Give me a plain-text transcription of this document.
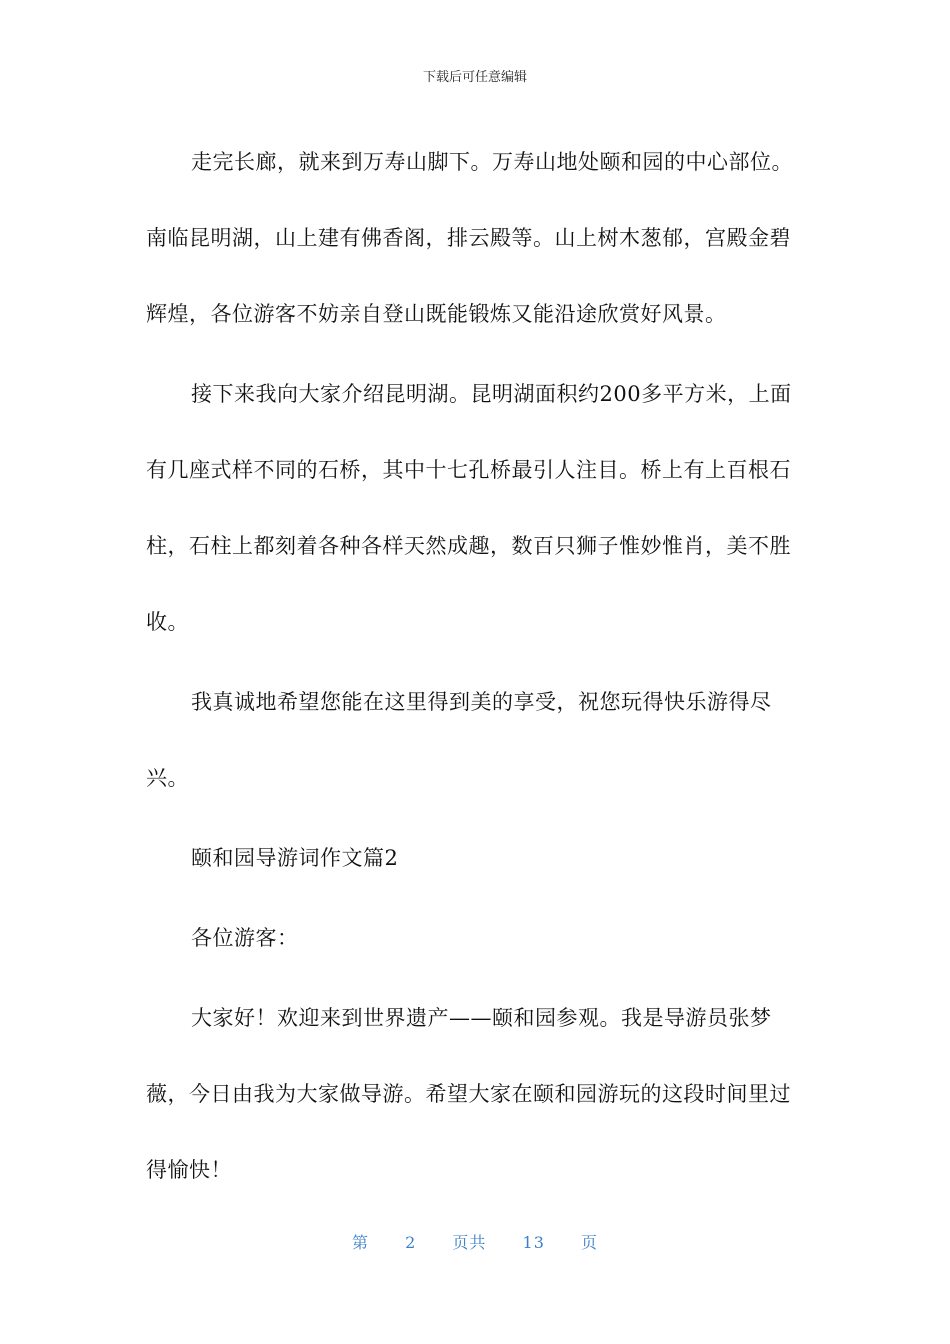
下载后可任意编辑

走完长廊，就来到万寿山脚下。万寿山地处颐和园的中心部位。南临昆明湖，山上建有佛香阁，排云殿等。山上树木葱郁，宫殿金碧辉煌，各位游客不妨亲自登山既能锻炼又能沿途欣赏好风景。

接下来我向大家介绍昆明湖。昆明湖面积约200多平方米，上面有几座式样不同的石桥，其中十七孔桥最引人注目。桥上有上百根石柱，石柱上都刻着各种各样天然成趣，数百只狮子惟妙惟肖，美不胜收。

我真诚地希望您能在这里得到美的享受，祝您玩得快乐游得尽兴。

颐和园导游词作文篇2

各位游客：

大家好！欢迎来到世界遗产——颐和园参观。我是导游员张梦薇，今日由我为大家做导游。希望大家在颐和园游玩的这段时间里过得愉快！

第 2 页共 13 页
